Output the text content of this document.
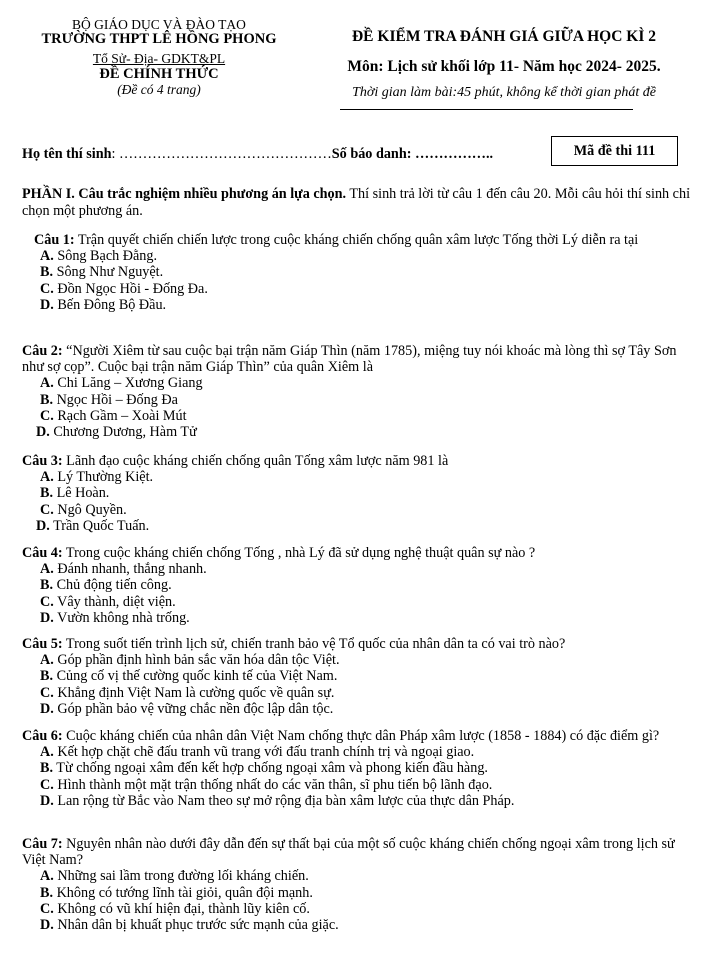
BỘ GIÁO DỤC VÀ ĐÀO TẠO
TRƯỜNG THPT LÊ HỒNG PHONG
Tổ Sử- Địa- GDKT&PL
ĐỀ CHÍNH THỨC
(Đề có 4 trang)
ĐỀ KIỂM TRA ĐÁNH GIÁ GIỮA HỌC KÌ 2
Môn: Lịch sử khối lớp 11- Năm học 2024- 2025.
Thời gian làm bài:45 phút, không kể thời gian phát đề
Họ tên thí sinh: ………………………………………Số báo danh: ……………..	Mã đề thi 111
PHẦN I. Câu trắc nghiệm nhiều phương án lựa chọn. Thí sinh trả lời từ câu 1 đến câu 20. Mỗi câu hỏi thí sinh chỉ chọn một phương án.
Câu 1: Trận quyết chiến chiến lược trong cuộc kháng chiến chống quân xâm lược Tống thời Lý diễn ra tại
A. Sông Bạch Đằng.
B. Sông Như Nguyệt.
C. Đồn Ngọc Hồi - Đống Đa.
D. Bến Đông Bộ Đầu.
Câu 2: “Người Xiêm từ sau cuộc bại trận năm Giáp Thìn (năm 1785), miệng tuy nói khoác mà lòng thì sợ Tây Sơn như sợ cọp”. Cuộc bại trận năm Giáp Thìn” của quân Xiêm là
A. Chi Lăng – Xương Giang
B. Ngọc Hồi – Đống Đa
C. Rạch Gầm – Xoài Mút
D. Chương Dương, Hàm Tử
Câu 3: Lãnh đạo cuộc kháng chiến chống quân Tống xâm lược năm 981 là
A. Lý Thường Kiệt.
B. Lê Hoàn.
C. Ngô Quyền.
D. Trần Quốc Tuấn.
Câu 4: Trong cuộc kháng chiến chống Tống , nhà Lý đã sử dụng nghệ thuật quân sự nào ?
A. Đánh nhanh, thắng nhanh.
B. Chủ động tiến công.
C. Vây thành, diệt viện.
D. Vườn không nhà trống.
Câu 5: Trong suốt tiến trình lịch sử, chiến tranh bảo vệ Tổ quốc của nhân dân ta có vai trò nào?
A. Góp phần định hình bản sắc văn hóa dân tộc Việt.
B. Củng cố vị thế cường quốc kinh tế của Việt Nam.
C. Khẳng định Việt Nam là cường quốc về quân sự.
D. Góp phần bảo vệ vững chắc nền độc lập dân tộc.
Câu 6: Cuộc kháng chiến của nhân dân Việt Nam chống thực dân Pháp xâm lược (1858 - 1884) có đặc điểm gì?
A. Kết hợp chặt chẽ đấu tranh vũ trang với đấu tranh chính trị và ngoại giao.
B. Từ chống ngoại xâm đến kết hợp chống ngoại xâm và phong kiến đầu hàng.
C. Hình thành một mặt trận thống nhất do các văn thân, sĩ phu tiến bộ lãnh đạo.
D. Lan rộng từ Bắc vào Nam theo sự mở rộng địa bàn xâm lược của thực dân Pháp.
Câu 7: Nguyên nhân nào dưới đây dẫn đến sự thất bại của một số cuộc kháng chiến chống ngoại xâm trong lịch sử Việt Nam?
A. Những sai lầm trong đường lối kháng chiến.
B. Không có tướng lĩnh tài giỏi, quân đội mạnh.
C. Không có vũ khí hiện đại, thành lũy kiên cố.
D. Nhân dân bị khuất phục trước sức mạnh của giặc.
